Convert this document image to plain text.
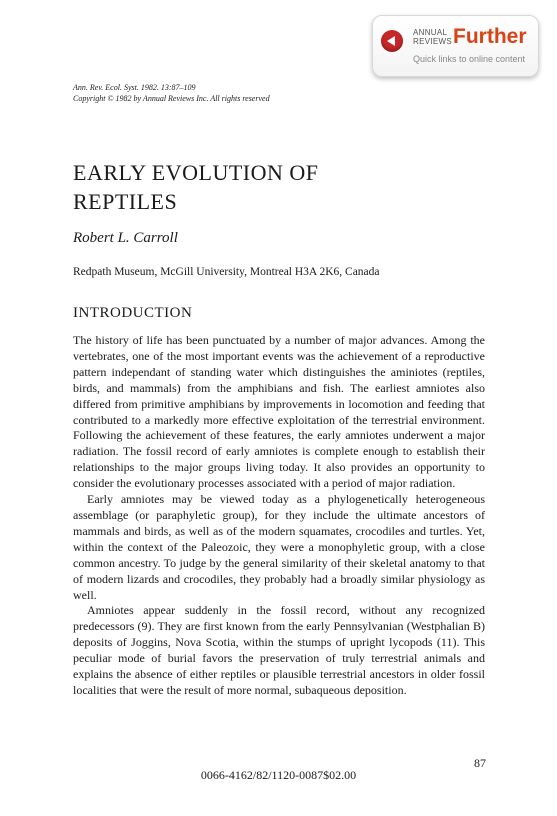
ANNUAL
REVIEWS Further
Quick links to online content
Ann. Rev. Ecol. Syst. 1982. 13:87–109
Copyright © 1982 by Annual Reviews Inc. All rights reserved
EARLY EVOLUTION OF
REPTILES
Robert L. Carroll
Redpath Museum, McGill University, Montreal H3A 2K6, Canada
INTRODUCTION

The history of life has been punctuated by a number of major advances. Among the vertebrates, one of the most important events was the achievement of a reproductive pattern independant of standing water which distinguishes the aminiotes (reptiles, birds, and mammals) from the amphibians and fish. The earliest amniotes also differed from primitive amphibians by improvements in locomotion and feeding that contributed to a markedly more effective exploitation of the terrestrial environment. Following the achievement of these features, the early amniotes underwent a major radiation. The fossil record of early amniotes is complete enough to establish their relationships to the major groups living today. It also provides an opportunity to consider the evolutionary processes associated with a period of major radiation.

Early amniotes may be viewed today as a phylogenetically heterogeneous assemblage (or paraphyletic group), for they include the ultimate ancestors of mammals and birds, as well as of the modern squamates, crocodiles and turtles. Yet, within the context of the Paleozoic, they were a monophyletic group, with a close common ancestry. To judge by the general similarity of their skeletal anatomy to that of modern lizards and crocodiles, they probably had a broadly similar physiology as well.

Amniotes appear suddenly in the fossil record, without any recognized predecessors (9). They are first known from the early Pennsylvanian (Westphalian B) deposits of Joggins, Nova Scotia, within the stumps of upright lycopods (11). This peculiar mode of burial favors the preservation of truly terrestrial animals and explains the absence of either reptiles or plausible terrestrial ancestors in older fossil localities that were the result of more normal, subaqueous deposition.

87
0066-4162/82/1120-0087$02.00
